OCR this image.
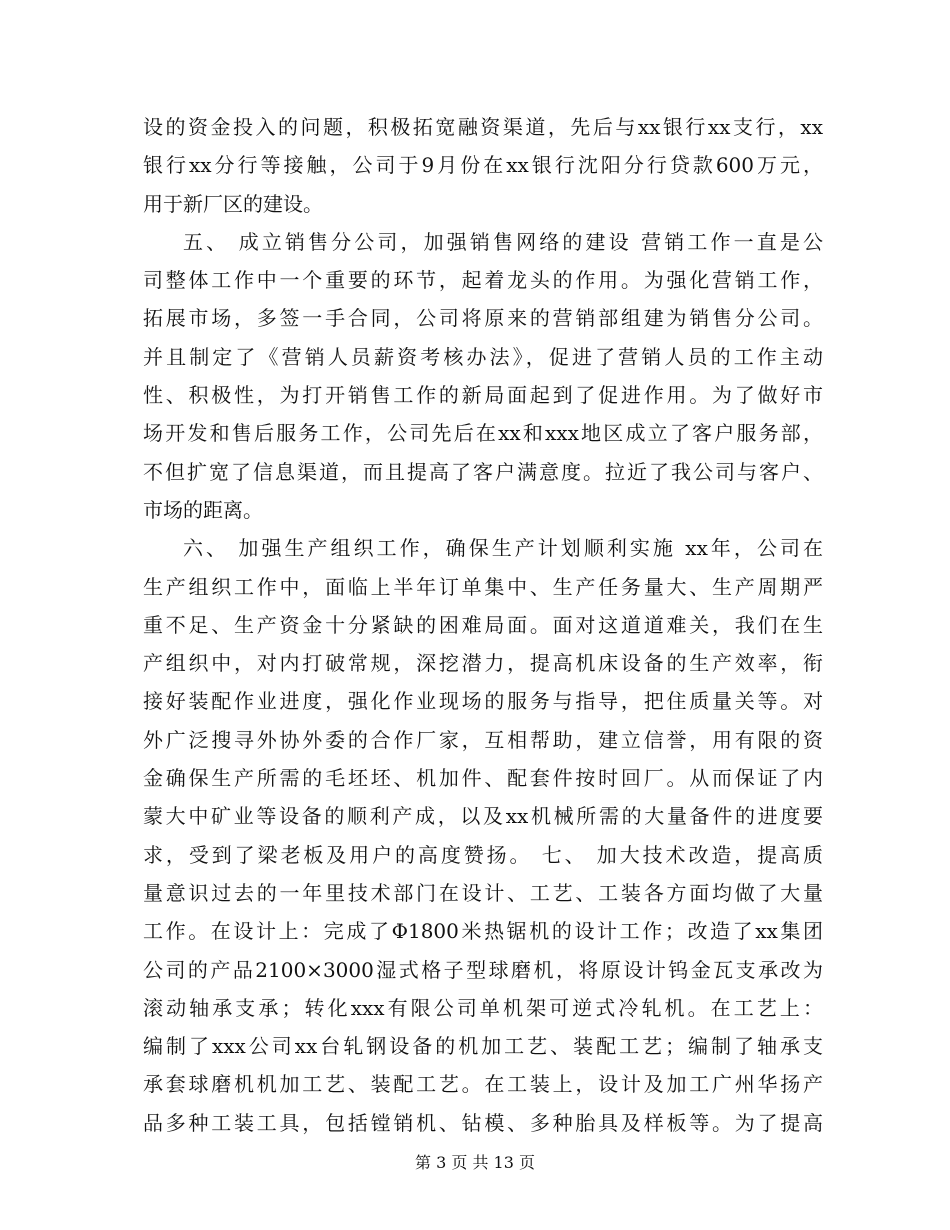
设的资金投入的问题，积极拓宽融资渠道，先后与xx银行xx支行，xx
银行xx分行等接触，公司于9月份在xx银行沈阳分行贷款600万元，
用于新厂区的建设。
五、 成立销售分公司，加强销售网络的建设 营销工作一直是公
司整体工作中一个重要的环节，起着龙头的作用。为强化营销工作，
拓展市场，多签一手合同，公司将原来的营销部组建为销售分公司。
并且制定了《营销人员薪资考核办法》，促进了营销人员的工作主动
性、积极性，为打开销售工作的新局面起到了促进作用。为了做好市
场开发和售后服务工作，公司先后在xx和xxx地区成立了客户服务部，
不但扩宽了信息渠道，而且提高了客户满意度。拉近了我公司与客户、
市场的距离。
六、 加强生产组织工作，确保生产计划顺利实施 xx年，公司在
生产组织工作中，面临上半年订单集中、生产任务量大、生产周期严
重不足、生产资金十分紧缺的困难局面。面对这道道难关，我们在生
产组织中，对内打破常规，深挖潜力，提高机床设备的生产效率，衔
接好装配作业进度，强化作业现场的服务与指导，把住质量关等。对
外广泛搜寻外协外委的合作厂家，互相帮助，建立信誉，用有限的资
金确保生产所需的毛坯坯、机加件、配套件按时回厂。从而保证了内
蒙大中矿业等设备的顺利产成，以及xx机械所需的大量备件的进度要
求，受到了梁老板及用户的高度赞扬。 七、 加大技术改造，提高质
量意识过去的一年里技术部门在设计、工艺、工装各方面均做了大量
工作。在设计上：完成了Φ1800米热锯机的设计工作；改造了xx集团
公司的产品2100×3000湿式格子型球磨机，将原设计钨金瓦支承改为
滚动轴承支承；转化xxx有限公司单机架可逆式冷轧机。在工艺上：
编制了xxx公司xx台轧钢设备的机加工艺、装配工艺；编制了轴承支
承套球磨机机加工艺、装配工艺。在工装上，设计及加工广州华扬产
品多种工装工具，包括镗销机、钻模、多种胎具及样板等。为了提高
第 3 页 共 13 页
